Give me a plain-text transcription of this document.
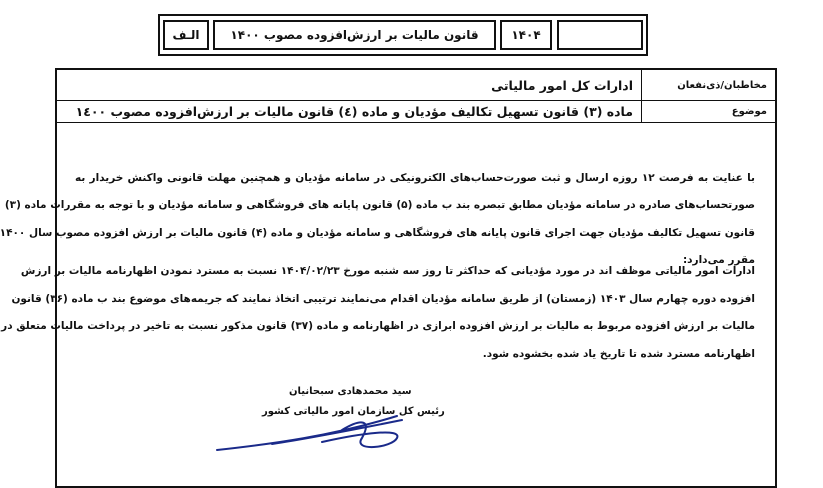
۱۴۰۴
قانون مالیات بر ارزش‌افزوده مصوب ۱۴۰۰
الـف
مخاطبان/ذی‌نفعان
ادارات کل امور مالیاتی
موضوع
ماده (۳) قانون تسهیل تکالیف مؤدیان و ماده (٤) قانون مالیات بر ارزش‌افزوده مصوب ۱٤۰۰
با عنایت به فرصت ۱۲ روزه ارسال و ثبت صورت‌حساب‌های الکترونیکی در سامانه مؤدیان و همچنین مهلت قانونی واکنش خریدار به
صورتحساب‌های صادره در سامانه مؤدیان مطابق تبصره بند ب ماده (۵) قانون پایانه های فروشگاهی و سامانه مؤدیان و با توجه به مقررات ماده (۳)
قانون تسهیل تکالیف مؤدیان جهت اجرای قانون پایانه های فروشگاهی و سامانه مؤدیان و ماده (۴) قانون مالیات بر ارزش افزوده مصوب سال ۱۴۰۰
مقرر می‌دارد:
ادارات امور مالیاتی موظف اند در مورد مؤدیانی که حداکثر تا روز سه شنبه مورخ ۱۴۰۴/۰۲/۲۳ نسبت به مسترد نمودن اظهارنامه مالیات بر ارزش
افزوده دوره چهارم سال ۱۴۰۳ (زمستان) از طریق سامانه مؤدیان اقدام می‌نمایند ترتیبی اتخاذ نمایند که جریمه‌های موضوع بند ب ماده (۳۶) قانون
مالیات بر ارزش افزوده مربوط به مالیات بر ارزش افزوده ابرازی در اظهارنامه و ماده (۳۷) قانون مذکور نسبت به تاخیر در پرداخت مالیات متعلق در
اظهارنامه مسترد شده تا تاریخ یاد شده بخشوده شود.
سید محمدهادی سبحانیان
رئیس کل سازمان امور مالیاتی کشور
